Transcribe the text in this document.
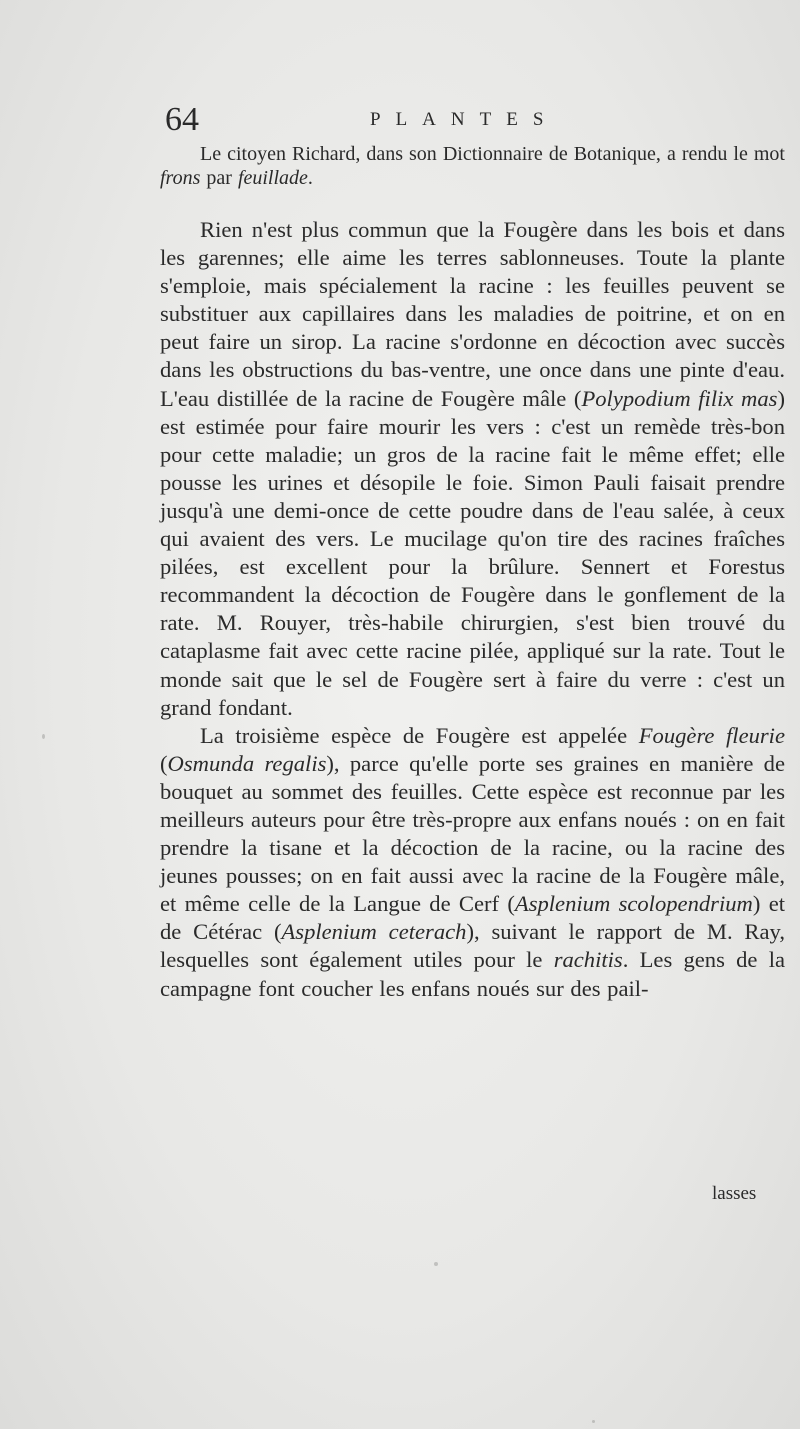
64	PLANTES

Le citoyen Richard, dans son Dictionnaire de Botanique, a rendu le mot frons par feuillade.

Rien n'est plus commun que la Fougère dans les bois et dans les garennes; elle aime les terres sablonneuses. Toute la plante s'emploie, mais spécialement la racine : les feuilles peuvent se substituer aux capillaires dans les maladies de poitrine, et on en peut faire un sirop. La racine s'ordonne en décoction avec succès dans les obstructions du bas-ventre, une once dans une pinte d'eau. L'eau distillée de la racine de Fougère mâle (Polypodium filix mas) est estimée pour faire mourir les vers : c'est un remède très-bon pour cette maladie; un gros de la racine fait le même effet; elle pousse les urines et désopile le foie. Simon Pauli faisait prendre jusqu'à une demi-once de cette poudre dans de l'eau salée, à ceux qui avaient des vers. Le mucilage qu'on tire des racines fraîches pilées, est excellent pour la brûlure. Sennert et Forestus recommandent la décoction de Fougère dans le gonflement de la rate. M. Rouyer, très-habile chirurgien, s'est bien trouvé du cataplasme fait avec cette racine pilée, appliqué sur la rate. Tout le monde sait que le sel de Fougère sert à faire du verre : c'est un grand fondant.

La troisième espèce de Fougère est appelée Fougère fleurie (Osmunda regalis), parce qu'elle porte ses graines en manière de bouquet au sommet des feuilles. Cette espèce est reconnue par les meilleurs auteurs pour être très-propre aux enfans noués : on en fait prendre la tisane et la décoction de la racine, ou la racine des jeunes pousses; on en fait aussi avec la racine de la Fougère mâle, et même celle de la Langue de Cerf (Asplenium scolopendrium) et de Cétérac (Asplenium ceterach), suivant le rapport de M. Ray, lesquelles sont également utiles pour le rachitis. Les gens de la campagne font coucher les enfans noués sur des pail-

lasses
